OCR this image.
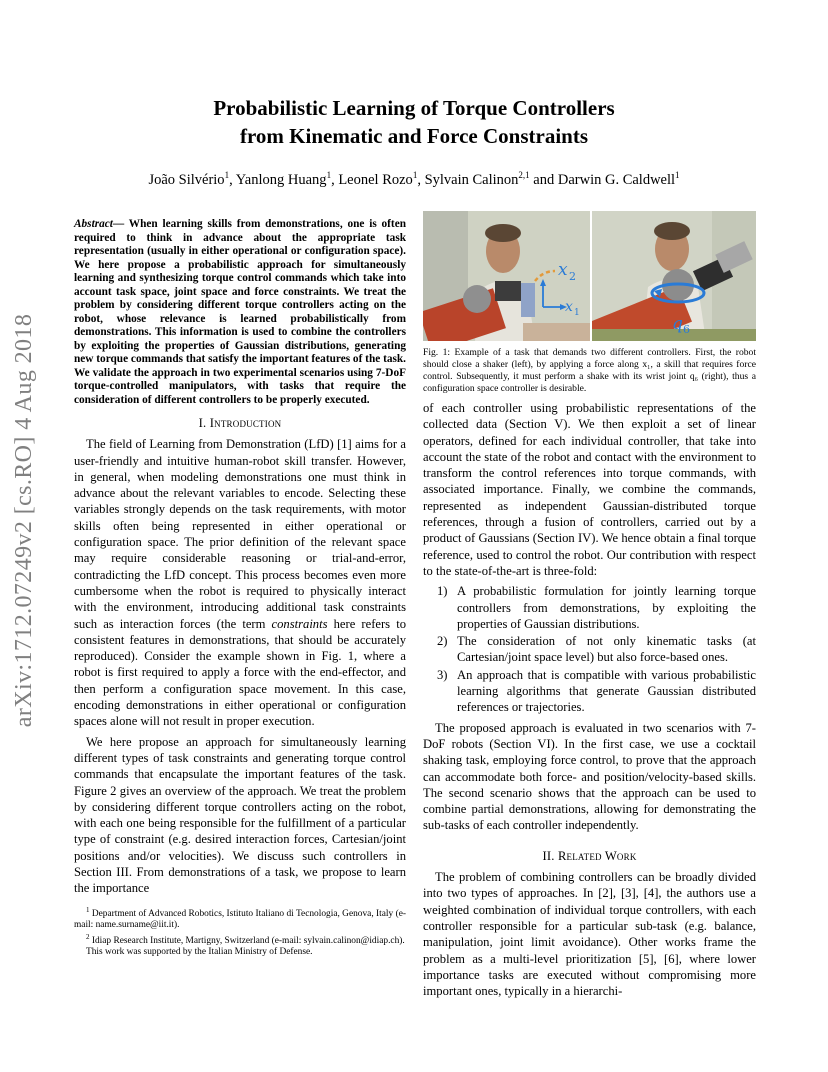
arXiv:1712.07249v2 [cs.RO] 4 Aug 2018
Probabilistic Learning of Torque Controllers
from Kinematic and Force Constraints
João Silvério$^1$, Yanlong Huang$^1$, Leonel Rozo$^1$, Sylvain Calinon$^{2,1}$ and Darwin G. Caldwell$^1$
Abstract— When learning skills from demonstrations, one is often required to think in advance about the appropriate task representation (usually in either operational or configuration space). We here propose a probabilistic approach for simultaneously learning and synthesizing torque control commands which take into account task space, joint space and force constraints. We treat the problem by considering different torque controllers acting on the robot, whose relevance is learned probabilistically from demonstrations. This information is used to combine the controllers by exploiting the properties of Gaussian distributions, generating new torque commands that satisfy the important features of the task. We validate the approach in two experimental scenarios using 7-DoF torque-controlled manipulators, with tasks that require the consideration of different controllers to be properly executed.
I. Introduction

The field of Learning from Demonstration (LfD) [1] aims for a user-friendly and intuitive human-robot skill transfer. However, in general, when modeling demonstrations one must think in advance about the relevant variables to encode. Selecting these variables strongly depends on the task requirements, with motor skills often being represented in either operational or configuration space. The prior definition of the relevant space may require considerable reasoning or trial-and-error, contradicting the LfD concept. This process becomes even more cumbersome when the robot is required to physically interact with the environment, introducing additional task constraints such as interaction forces (the term constraints here refers to consistent features in demonstrations, that should be accurately reproduced). Consider the example shown in Fig. 1, where a robot is first required to apply a force with the end-effector, and then perform a configuration space movement. In this case, encoding demonstrations in either operational or configuration spaces alone will not result in proper execution.

We here propose an approach for simultaneously learning different types of task constraints and generating torque control commands that encapsulate the important features of the task. Figure 2 gives an overview of the approach. We treat the problem by considering different torque controllers acting on the robot, with each one being responsible for the fulfillment of a particular type of constraint (e.g. desired interaction forces, Cartesian/joint positions and/or velocities). We discuss such controllers in Section III. From demonstrations of a task, we propose to learn the importance

$^1$ Department of Advanced Robotics, Istituto Italiano di Tecnologia, Genova, Italy (e-mail: name.surname@iit.it).
$^2$ Idiap Research Institute, Martigny, Switzerland (e-mail: sylvain.calinon@idiap.ch).
This work was supported by the Italian Ministry of Defense.
x 2
x 1
q 6
Fig. 1: Example of a task that demands two different controllers. First, the robot should close a shaker (left), by applying a force along x₁, a skill that requires force control. Subsequently, it must perform a shake with its wrist joint q₆ (right), thus a configuration space controller is desirable.

of each controller using probabilistic representations of the collected data (Section V). We then exploit a set of linear operators, defined for each individual controller, that take into account the state of the robot and contact with the environment to transform the control references into torque commands, with associated importance. Finally, we combine the commands, represented as independent Gaussian-distributed torque references, through a fusion of controllers, carried out by a product of Gaussians (Section IV). We hence obtain a final torque reference, used to control the robot. Our contribution with respect to the state-of-the-art is three-fold:

1) A probabilistic formulation for jointly learning torque controllers from demonstrations, by exploiting the properties of Gaussian distributions.
2) The consideration of not only kinematic tasks (at Cartesian/joint space level) but also force-based ones.
3) An approach that is compatible with various probabilistic learning algorithms that generate Gaussian distributed references or trajectories.

The proposed approach is evaluated in two scenarios with 7-DoF robots (Section VI). In the first case, we use a cocktail shaking task, employing force control, to prove that the approach can accommodate both force- and position/velocity-based skills. The second scenario shows that the approach can be used to combine partial demonstrations, allowing for demonstrating the sub-tasks of each controller independently.

II. Related Work

The problem of combining controllers can be broadly divided into two types of approaches. In [2], [3], [4], the authors use a weighted combination of individual torque controllers, with each controller responsible for a particular sub-task (e.g. balance, manipulation, joint limit avoidance). Other works frame the problem as a multi-level prioritization [5], [6], where lower importance tasks are executed without compromising more important ones, typically in a hierarchi-
